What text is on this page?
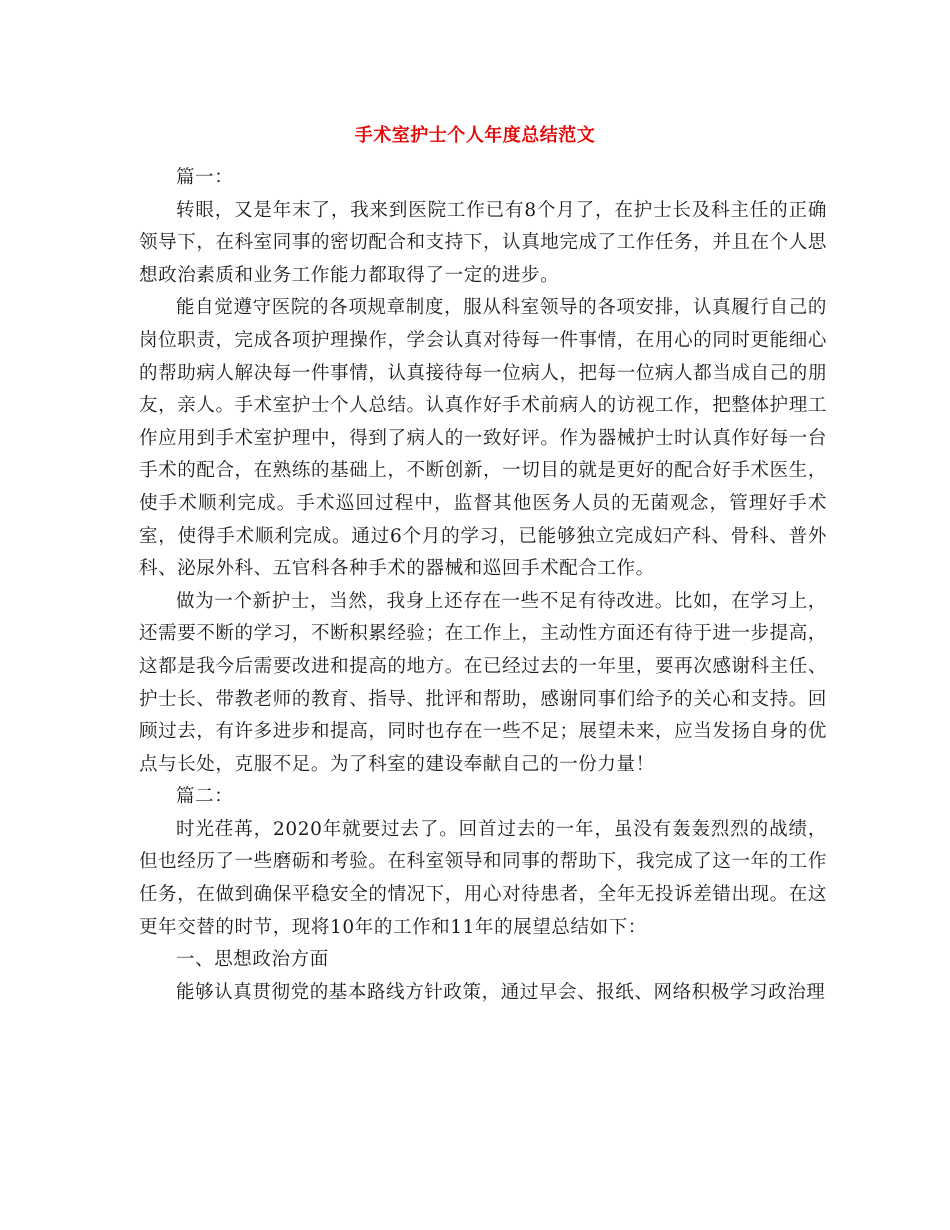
手术室护士个人年度总结范文

篇一：

转眼，又是年末了，我来到医院工作已有8个月了，在护士长及科主任的正确领导下，在科室同事的密切配合和支持下，认真地完成了工作任务，并且在个人思想政治素质和业务工作能力都取得了一定的进步。

能自觉遵守医院的各项规章制度，服从科室领导的各项安排，认真履行自己的岗位职责，完成各项护理操作，学会认真对待每一件事情，在用心的同时更能细心的帮助病人解决每一件事情，认真接待每一位病人，把每一位病人都当成自己的朋友，亲人。手术室护士个人总结。认真作好手术前病人的访视工作，把整体护理工作应用到手术室护理中，得到了病人的一致好评。作为器械护士时认真作好每一台手术的配合，在熟练的基础上，不断创新，一切目的就是更好的配合好手术医生，使手术顺利完成。手术巡回过程中，监督其他医务人员的无菌观念，管理好手术室，使得手术顺利完成。通过6个月的学习，已能够独立完成妇产科、骨科、普外科、泌尿外科、五官科各种手术的器械和巡回手术配合工作。

做为一个新护士，当然，我身上还存在一些不足有待改进。比如，在学习上，还需要不断的学习，不断积累经验；在工作上，主动性方面还有待于进一步提高，这都是我今后需要改进和提高的地方。在已经过去的一年里，要再次感谢科主任、护士长、带教老师的教育、指导、批评和帮助，感谢同事们给予的关心和支持。回顾过去，有许多进步和提高，同时也存在一些不足；展望未来，应当发扬自身的优点与长处，克服不足。为了科室的建设奉献自己的一份力量！

篇二：

时光荏苒，2020年就要过去了。回首过去的一年，虽没有轰轰烈烈的战绩，但也经历了一些磨砺和考验。在科室领导和同事的帮助下，我完成了这一年的工作任务，在做到确保平稳安全的情况下，用心对待患者，全年无投诉差错出现。在这更年交替的时节，现将10年的工作和11年的展望总结如下：

一、思想政治方面

能够认真贯彻党的基本路线方针政策，通过早会、报纸、网络积极学习政治理
